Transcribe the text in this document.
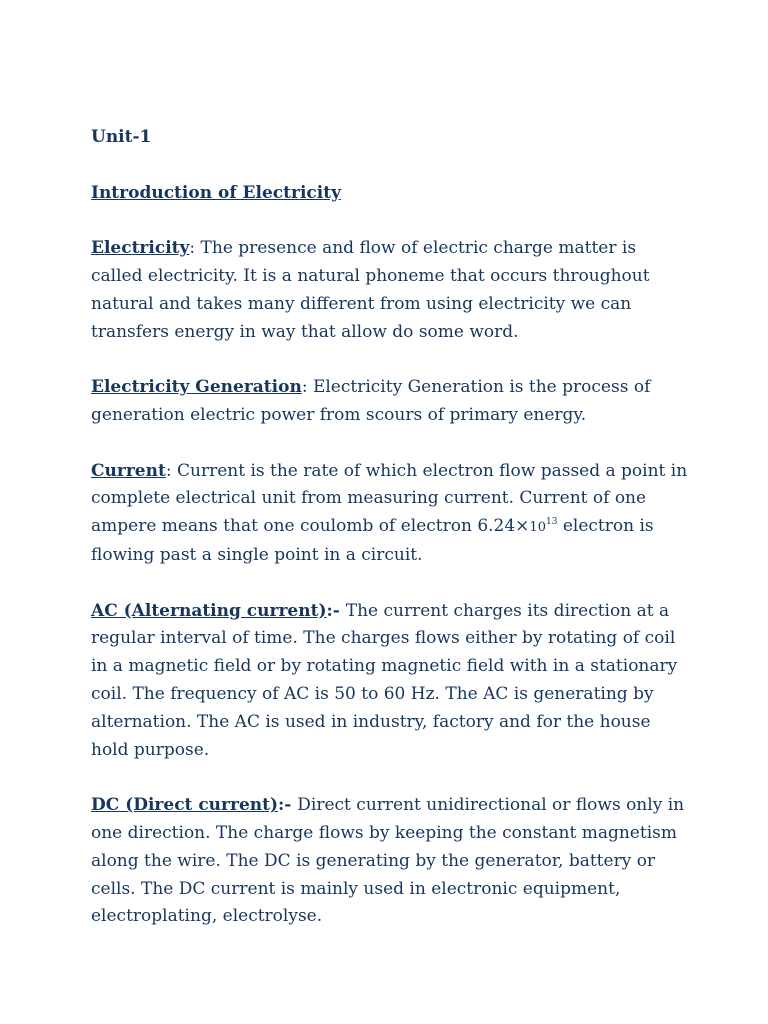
Unit-1

Introduction of Electricity

Electricity: The presence and flow of electric charge matter is called electricity. It is a natural phoneme that occurs throughout natural and takes many different from using electricity we can transfers energy in way that allow do some word.

Electricity Generation: Electricity Generation is the process of generation electric power from scours of primary energy.

Current: Current is the rate of which electron flow passed a point in complete electrical unit from measuring current. Current of one ampere means that one coulomb of electron $6.24\times 10^{13}$ electron is flowing past a single point in a circuit.

AC (Alternating current):- The current charges its direction at a regular interval of time. The charges flows either by rotating of coil in a magnetic field or by rotating magnetic field with in a stationary coil. The frequency of AC is 50 to 60 Hz. The AC is generating by alternation. The AC is used in industry, factory and for the house hold purpose.

DC (Direct current):- Direct current unidirectional or flows only in one direction. The charge flows by keeping the constant magnetism along the wire. The DC is generating by the generator, battery or cells. The DC current is mainly used in electronic equipment, electroplating, electrolyse.
